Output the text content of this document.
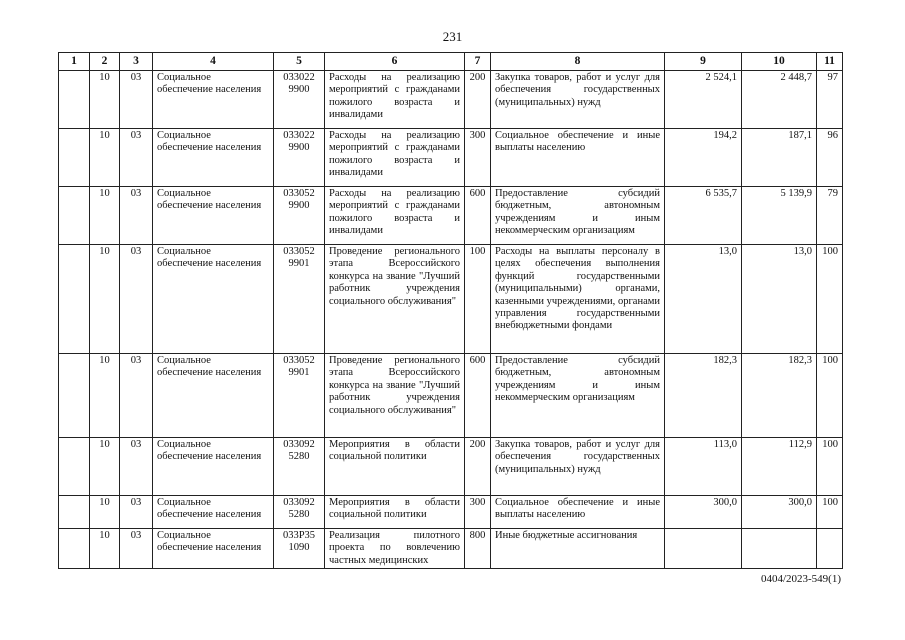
231
1	2	3	4	5	6	7	8	9	10	11
	10	03	Социальное обеспечение населения	033022 9900	Расходы на реализацию мероприятий с гражданами пожилого возраста и инвалидами	200	Закупка товаров, работ и услуг для обеспечения государственных (муниципальных) нужд	2 524,1	2 448,7	97
	10	03	Социальное обеспечение населения	033022 9900	Расходы на реализацию мероприятий с гражданами пожилого возраста и инвалидами	300	Социальное обеспечение и иные выплаты населению	194,2	187,1	96
	10	03	Социальное обеспечение населения	033052 9900	Расходы на реализацию мероприятий с гражданами пожилого возраста и инвалидами	600	Предоставление субсидий бюджетным, автономным учреждениям и иным некоммерческим организациям	6 535,7	5 139,9	79
	10	03	Социальное обеспечение населения	033052 9901	Проведение регионального этапа Всероссийского конкурса на звание "Лучший работник учреждения социального обслуживания"	100	Расходы на выплаты персоналу в целях обеспечения выполнения функций государственными (муниципальными) органами, казенными учреждениями, органами управления государственными внебюджетными фондами	13,0	13,0	100
	10	03	Социальное обеспечение населения	033052 9901	Проведение регионального этапа Всероссийского конкурса на звание "Лучший работник учреждения социального обслуживания"	600	Предоставление субсидий бюджетным, автономным учреждениям и иным некоммерческим организациям	182,3	182,3	100
	10	03	Социальное обеспечение населения	033092 5280	Мероприятия в области социальной политики	200	Закупка товаров, работ и услуг для обеспечения государственных (муниципальных) нужд	113,0	112,9	100
	10	03	Социальное обеспечение населения	033092 5280	Мероприятия в области социальной политики	300	Социальное обеспечение и иные выплаты населению	300,0	300,0	100
	10	03	Социальное обеспечение населения	033Р35 1090	Реализация пилотного проекта по вовлечению частных медицинских	800	Иные бюджетные ассигнования			
0404/2023-549(1)
